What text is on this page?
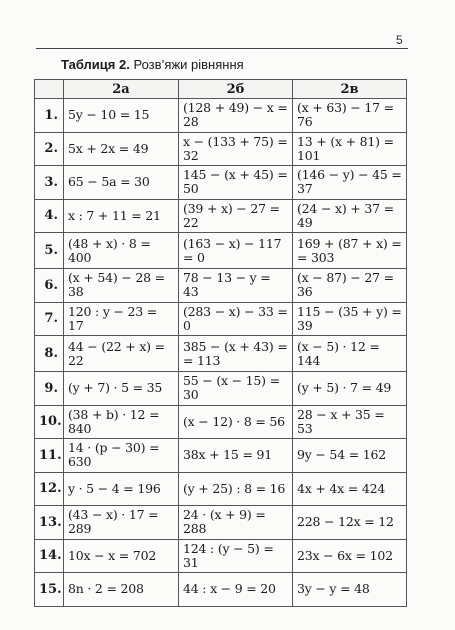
5
Таблиця 2. Розв’яжи рівняння
	2а	2б	2в
1.	5y − 10 = 15	(128 + 49) − x = 28	(x + 63) − 17 = 76
2.	5x + 2x = 49	x − (133 + 75) = 32	13 + (x + 81) = 101
3.	65 − 5a = 30	145 − (x + 45) = 50	(146 − y) − 45 = 37
4.	x : 7 + 11 = 21	(39 + x) − 27 = 22	(24 − x) + 37 = 49
5.	(48 + x) · 8 = 400	(163 − x) − 117 = 0	169 + (87 + x) = = 303
6.	(x + 54) − 28 = 38	78 − 13 − y = 43	(x − 87) − 27 = 36
7.	120 : y − 23 = 17	(283 − x) − 33 = 0	115 − (35 + y) = 39
8.	44 − (22 + x) = 22	385 − (x + 43) = = 113	(x − 5) · 12 = 144
9.	(y + 7) · 5 = 35	55 − (x − 15) = 30	(y + 5) · 7 = 49
10.	(38 + b) · 12 = 840	(x − 12) · 8 = 56	28 − x + 35 = 53
11.	14 · (p − 30) = 630	38x + 15 = 91	9y − 54 = 162
12.	y · 5 − 4 = 196	(y + 25) : 8 = 16	4x + 4x = 424
13.	(43 − x) · 17 = 289	24 · (x + 9) = 288	228 − 12x = 12
14.	10x − x = 702	124 : (y − 5) = 31	23x − 6x = 102
15.	8n · 2 = 208	44 : x − 9 = 20	3y − y = 48
